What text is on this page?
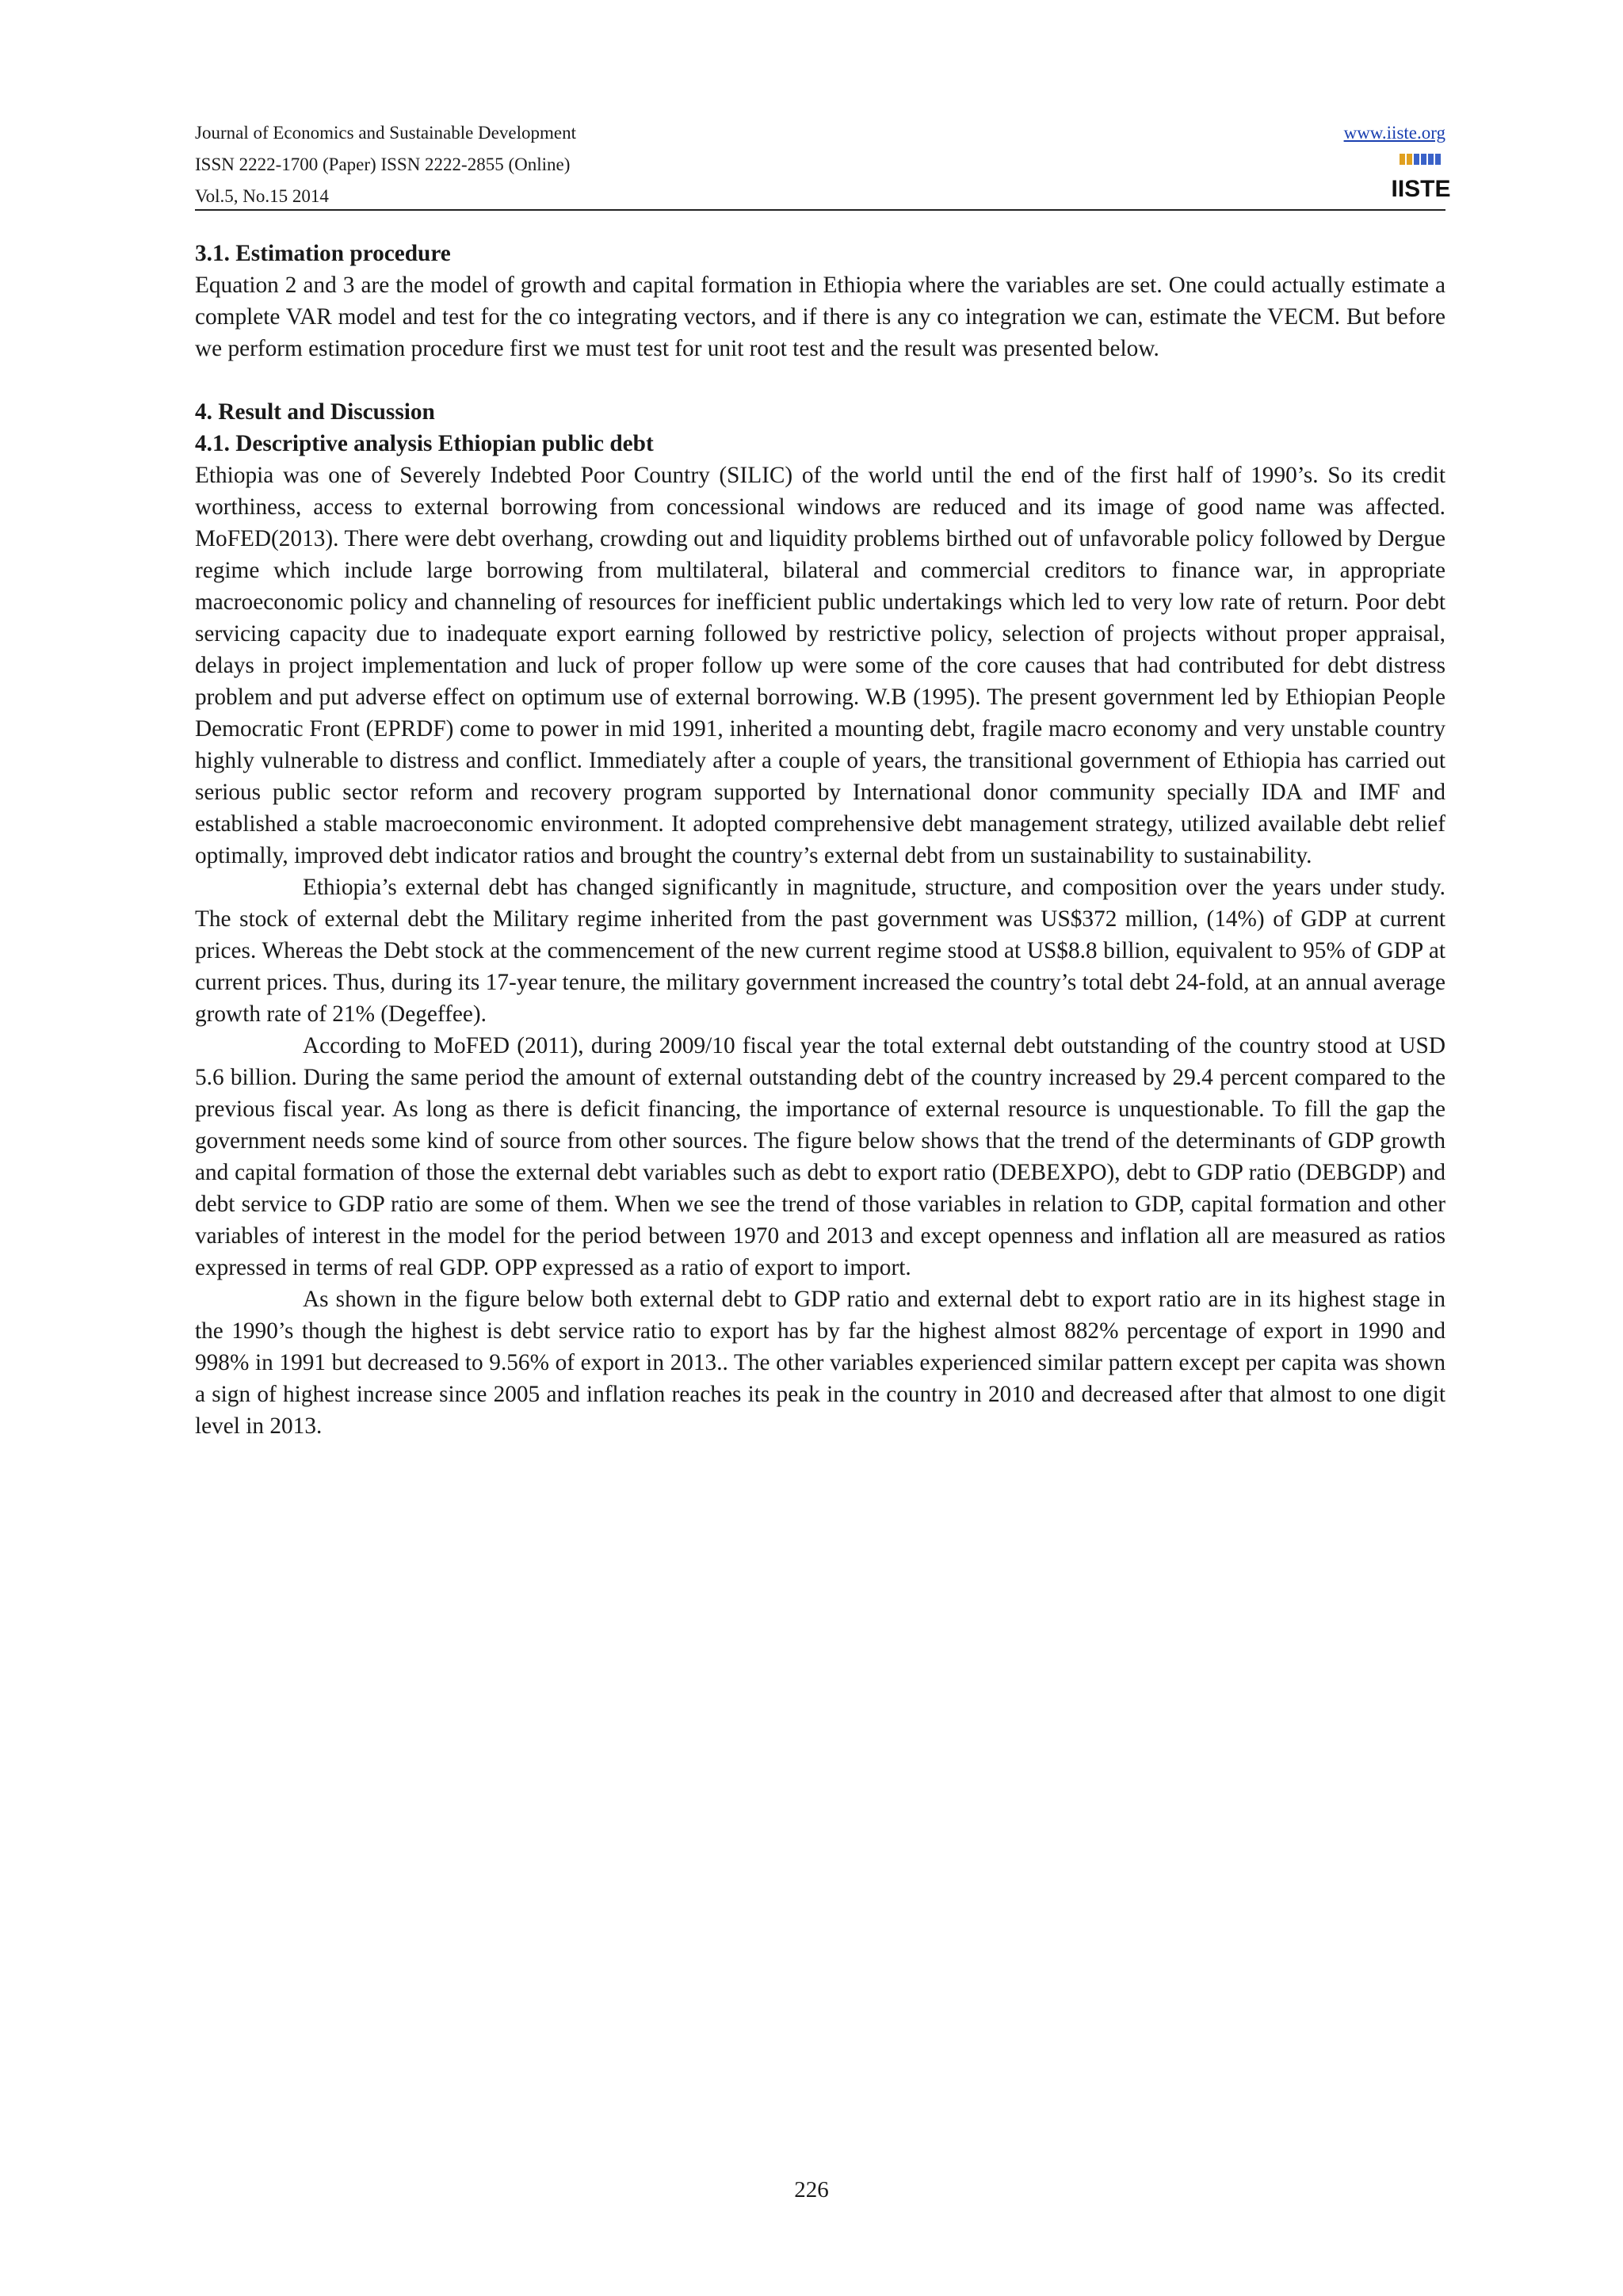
Journal of Economics and Sustainable Development
ISSN 2222-1700 (Paper) ISSN 2222-2855 (Online)
Vol.5, No.15 2014
www.iiste.org
IISTE
3.1. Estimation procedure

Equation 2 and 3 are the model of growth and capital formation in Ethiopia where the variables are set. One could actually estimate a complete VAR model and test for the co integrating vectors, and if there is any co integration we can, estimate the VECM. But before we perform estimation procedure first we must test for unit root test and the result was presented below.

4. Result and Discussion
4.1. Descriptive analysis Ethiopian public debt

Ethiopia was one of Severely Indebted Poor Country (SILIC) of the world until the end of the first half of 1990’s. So its credit worthiness, access to external borrowing from concessional windows are reduced and its image of good name was affected. MoFED(2013). There were debt overhang, crowding out and liquidity problems birthed out of unfavorable policy followed by Dergue regime which include large borrowing from multilateral, bilateral and commercial creditors to finance war, in appropriate macroeconomic policy and channeling of resources for inefficient public undertakings which led to very low rate of return. Poor debt servicing capacity due to inadequate export earning followed by restrictive policy, selection of projects without proper appraisal, delays in project implementation and luck of proper follow up were some of the core causes that had contributed for debt distress problem and put adverse effect on optimum use of external borrowing. W.B (1995). The present government led by Ethiopian People Democratic Front (EPRDF) come to power in mid 1991, inherited a mounting debt, fragile macro economy and very unstable country highly vulnerable to distress and conflict. Immediately after a couple of years, the transitional government of Ethiopia has carried out serious public sector reform and recovery program supported by International donor community specially IDA and IMF and established a stable macroeconomic environment. It adopted comprehensive debt management strategy, utilized available debt relief optimally, improved debt indicator ratios and brought the country’s external debt from un sustainability to sustainability.

Ethiopia’s external debt has changed significantly in magnitude, structure, and composition over the years under study. The stock of external debt the Military regime inherited from the past government was US$372 million, (14%) of GDP at current prices. Whereas the Debt stock at the commencement of the new current regime stood at US$8.8 billion, equivalent to 95% of GDP at current prices. Thus, during its 17-year tenure, the military government increased the country’s total debt 24-fold, at an annual average growth rate of 21% (Degeffee).

According to MoFED (2011), during 2009/10 fiscal year the total external debt outstanding of the country stood at USD 5.6 billion. During the same period the amount of external outstanding debt of the country increased by 29.4 percent compared to the previous fiscal year. As long as there is deficit financing, the importance of external resource is unquestionable. To fill the gap the government needs some kind of source from other sources. The figure below shows that the trend of the determinants of GDP growth and capital formation of those the external debt variables such as debt to export ratio (DEBEXPO), debt to GDP ratio (DEBGDP) and debt service to GDP ratio are some of them. When we see the trend of those variables in relation to GDP, capital formation and other variables of interest in the model for the period between 1970 and 2013 and except openness and inflation all are measured as ratios expressed in terms of real GDP. OPP expressed as a ratio of export to import.

As shown in the figure below both external debt to GDP ratio and external debt to export ratio are in its highest stage in the 1990’s though the highest is debt service ratio to export has by far the highest almost 882% percentage of export in 1990 and 998% in 1991 but decreased to 9.56% of export in 2013.. The other variables experienced similar pattern except per capita was shown a sign of highest increase since 2005 and inflation reaches its peak in the country in 2010 and decreased after that almost to one digit level in 2013.

226
